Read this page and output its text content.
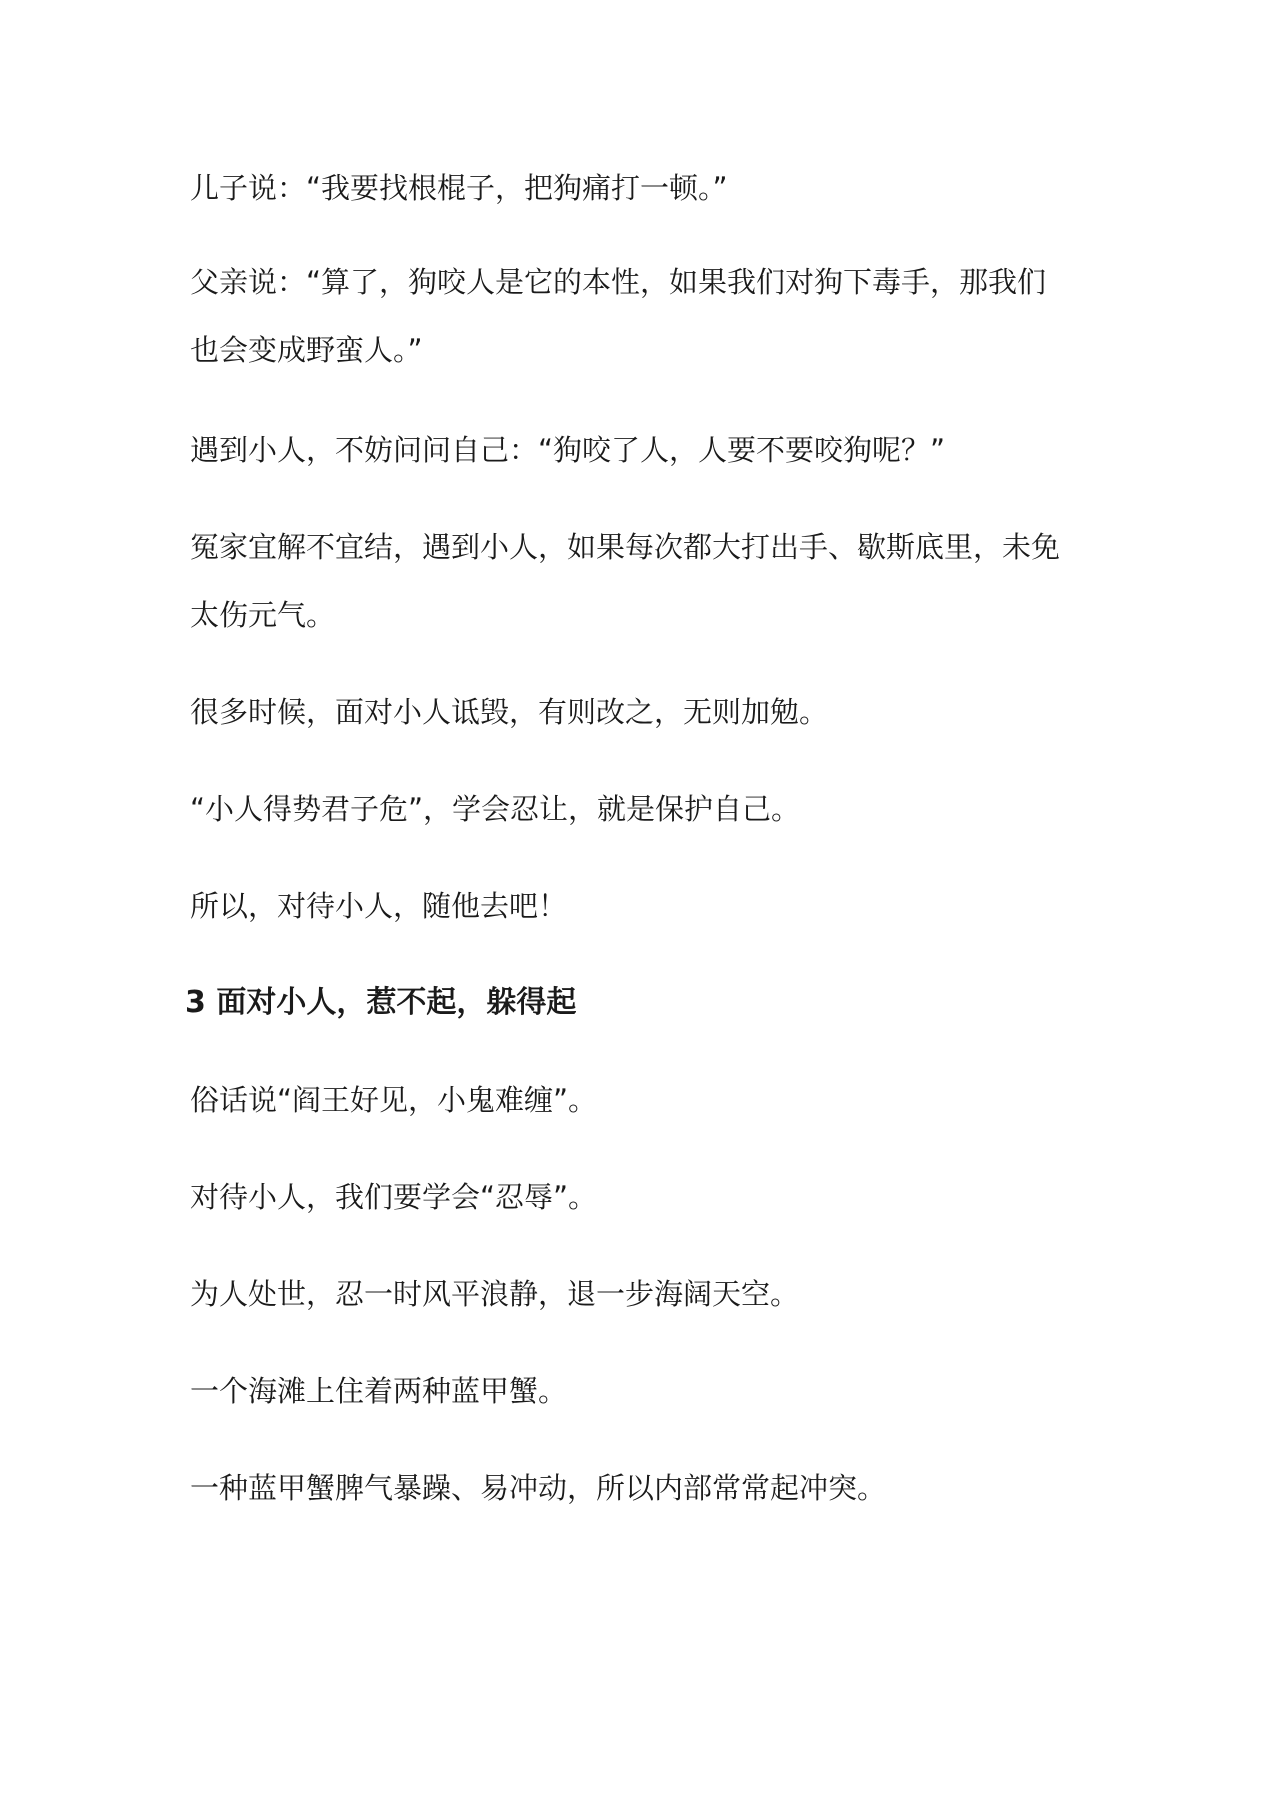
儿子说：“我要找根棍子，把狗痛打一顿。”
父亲说：“算了，狗咬人是它的本性，如果我们对狗下毒手，那我们
也会变成野蛮人。”
遇到小人，不妨问问自己：“狗咬了人，人要不要咬狗呢？”
冤家宜解不宜结，遇到小人，如果每次都大打出手、歇斯底里，未免
太伤元气。
很多时候，面对小人诋毁，有则改之，无则加勉。
“小人得势君子危”，学会忍让，就是保护自己。
所以，对待小人，随他去吧！
3 面对小人，惹不起，躲得起
俗话说“阎王好见，小鬼难缠”。
对待小人，我们要学会“忍辱”。
为人处世，忍一时风平浪静，退一步海阔天空。
一个海滩上住着两种蓝甲蟹。
一种蓝甲蟹脾气暴躁、易冲动，所以内部常常起冲突。
